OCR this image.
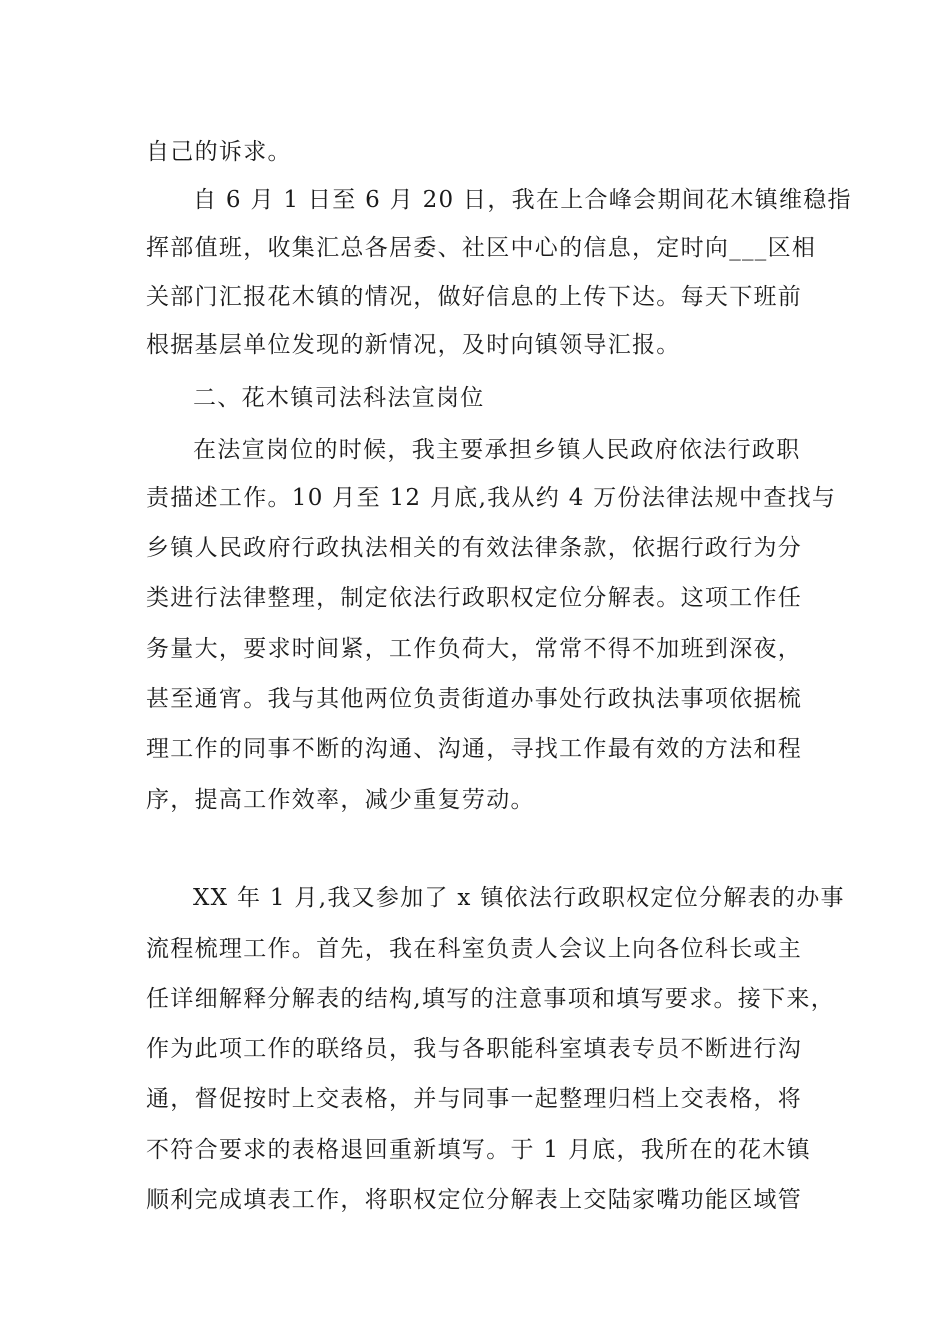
自己的诉求。
自 6 月 1 日至 6 月 20 日，我在上合峰会期间花木镇维稳指
挥部值班，收集汇总各居委、社区中心的信息，定时向___区相
关部门汇报花木镇的情况，做好信息的上传下达。每天下班前
根据基层单位发现的新情况，及时向镇领导汇报。
二、花木镇司法科法宣岗位
在法宣岗位的时候，我主要承担乡镇人民政府依法行政职
责描述工作。10 月至 12 月底,我从约 4 万份法律法规中查找与
乡镇人民政府行政执法相关的有效法律条款，依据行政行为分
类进行法律整理，制定依法行政职权定位分解表。这项工作任
务量大，要求时间紧，工作负荷大，常常不得不加班到深夜，
甚至通宵。我与其他两位负责街道办事处行政执法事项依据梳
理工作的同事不断的沟通、沟通，寻找工作最有效的方法和程
序，提高工作效率，减少重复劳动。
XX 年 1 月,我又参加了 x 镇依法行政职权定位分解表的办事
流程梳理工作。首先，我在科室负责人会议上向各位科长或主
任详细解释分解表的结构,填写的注意事项和填写要求。接下来，
作为此项工作的联络员，我与各职能科室填表专员不断进行沟
通，督促按时上交表格，并与同事一起整理归档上交表格，将
不符合要求的表格退回重新填写。于 1 月底，我所在的花木镇
顺利完成填表工作，将职权定位分解表上交陆家嘴功能区域管
